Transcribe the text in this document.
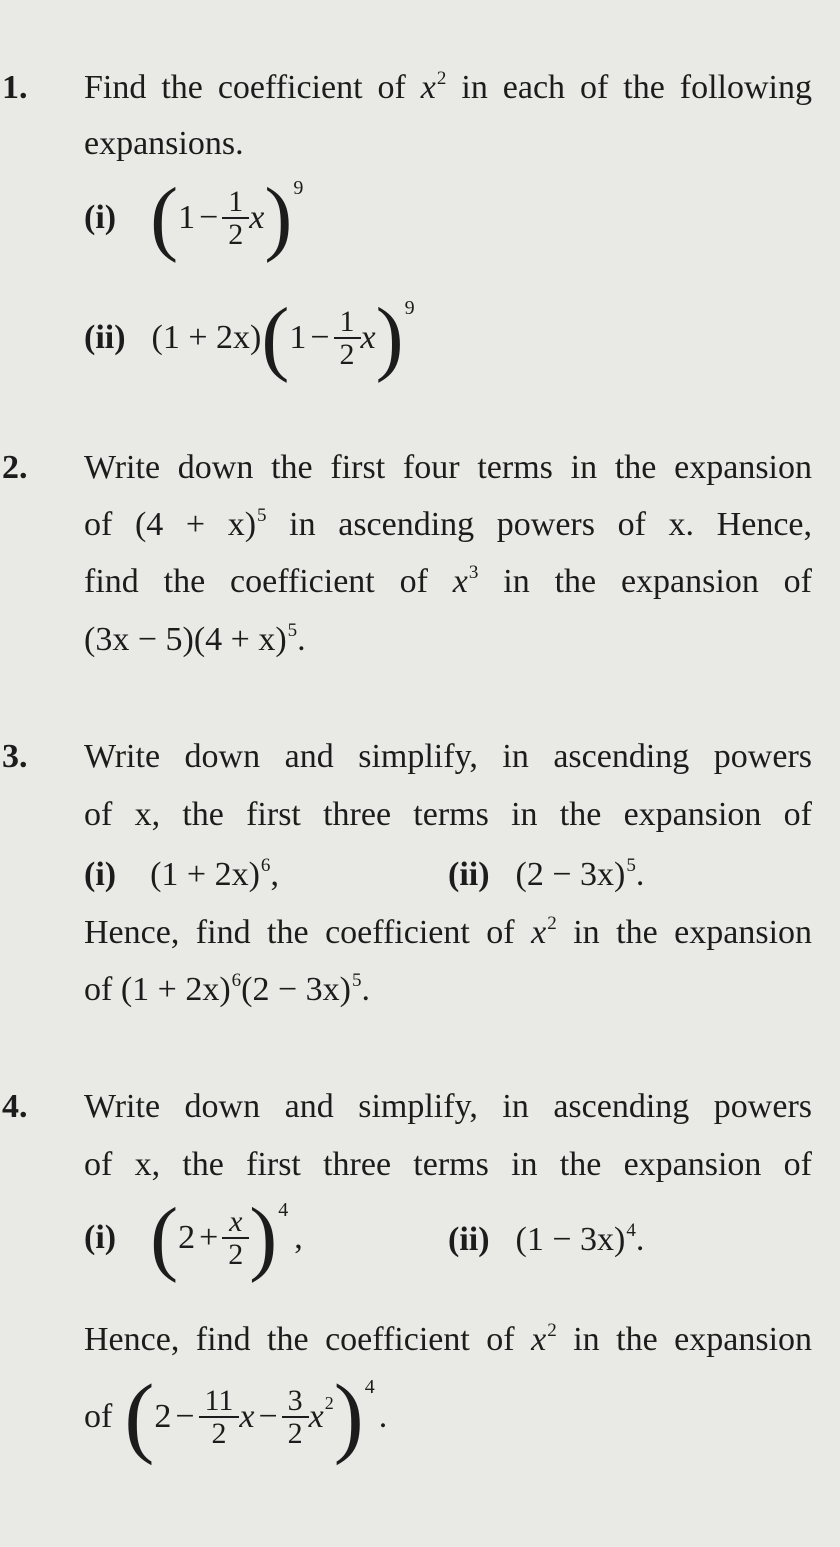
1. Find the coefficient of $x^2$ in each of the following
expansions.
(i) ( $1 - \frac{1}{2}$ x ) 9
(ii) (1 + 2x) ( $1 - \frac{1}{2}$ x ) 9
2. Write down the first four terms in the expansion
of $(4 + x)^5$ in ascending powers of x. Hence,
find the coefficient of $x^3$ in the expansion of
$(3x - 5)(4 + x)^5$.
3. Write down and simplify, in ascending powers
of x, the first three terms in the expansion of
(i) $(1 + 2x)^6$,	(ii) $(2 - 3x)^5$.
Hence, find the coefficient of $x^2$ in the expansion
of $(1 + 2x)^6(2 - 3x)^5$.
4. Write down and simplify, in ascending powers
of x, the first three terms in the expansion of
(i) ( $2 + \frac{x}{2}$ ) 4
,	(ii) $(1 - 3x)^4$.
Hence, find the coefficient of $x^2$ in the expansion
of ( $2 - \frac{11}{2}$ $x - \frac{3}{2}$ x 2 ) 4
.
